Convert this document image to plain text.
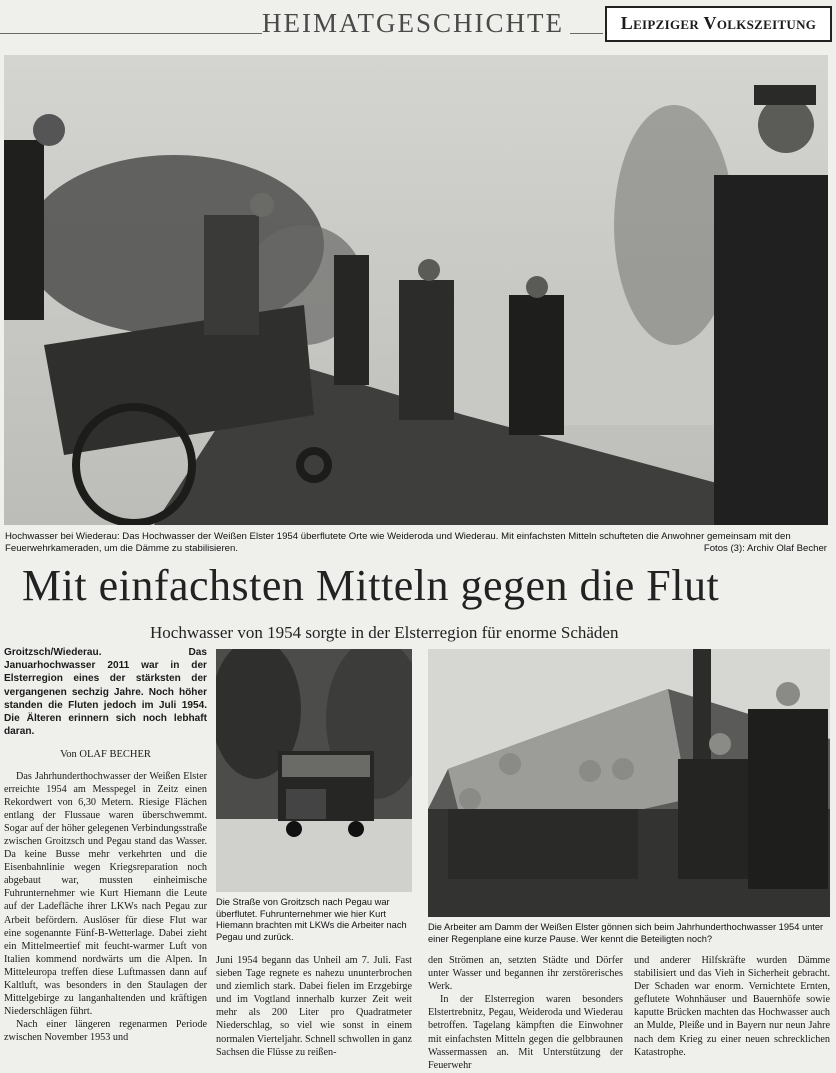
HEIMATGESCHICHTE	Leipziger Volkszeitung
Hochwasser bei Wiederau: Das Hochwasser der Weißen Elster 1954 überflutete Orte wie Weideroda und Wiederau. Mit einfachsten Mitteln schufteten die Anwohner gemeinsam mit den Feuerwehrkameraden, um die Dämme zu stabilisieren.	Fotos (3): Archiv Olaf Becher
Mit einfachsten Mitteln gegen die Flut
Hochwasser von 1954 sorgte in der Elsterregion für enorme Schäden
Groitzsch/Wiederau. Das Januarhochwasser 2011 war in der Elsterregion eines der stärksten der vergangenen sechzig Jahre. Noch höher standen die Fluten jedoch im Juli 1954. Die Älteren erinnern sich noch lebhaft daran.
Von OLAF BECHER

Das Jahrhunderthochwasser der Weißen Elster erreichte 1954 am Messpegel in Zeitz einen Rekordwert von 6,30 Metern. Riesige Flächen entlang der Flussaue waren überschwemmt. Sogar auf der höher gelegenen Verbindungsstraße zwischen Groitzsch und Pegau stand das Wasser. Da keine Busse mehr verkehrten und die Eisenbahnlinie wegen Kriegsreparation noch abgebaut war, mussten einheimische Fuhrunternehmer wie Kurt Hiemann die Leute auf der Ladefläche ihrer LKWs nach Pegau zur Arbeit befördern. Auslöser für diese Flut war eine sogenannte Fünf-B-Wetterlage. Dabei zieht ein Mittelmeertief mit feucht-warmer Luft von Italien kommend nordwärts um die Alpen. In Mitteleuropa treffen diese Luftmassen dann auf Kaltluft, was besonders in den Staulagen der Mittelgebirge zu langanhaltenden und kräftigen Niederschlägen führt.

Nach einer längeren regenarmen Periode zwischen November 1953 und

Die Straße von Groitzsch nach Pegau war überflutet. Fuhrunternehmer wie hier Kurt Hiemann brachten mit LKWs die Arbeiter nach Pegau und zurück.
Die Arbeiter am Damm der Weißen Elster gönnen sich beim Jahrhunderthochwasser 1954 unter einer Regenplane eine kurze Pause. Wer kennt die Beteiligten noch?
Juni 1954 begann das Unheil am 7. Juli. Fast sieben Tage regnete es nahezu ununterbrochen und ziemlich stark. Dabei fielen im Erzgebirge und im Vogtland innerhalb kurzer Zeit weit mehr als 200 Liter pro Quadratmeter Niederschlag, so viel wie sonst in einem normalen Vierteljahr. Schnell schwollen in ganz Sachsen die Flüsse zu reißen-
den Strömen an, setzten Städte und Dörfer unter Wasser und begannen ihr zerstörerisches Werk.

In der Elsterregion waren besonders Elstertrebnitz, Pegau, Weideroda und Wiederau betroffen. Tagelang kämpften die Einwohner mit einfachsten Mitteln gegen die gelbbraunen Wassermassen an. Mit Unterstützung der Feuerwehr

und anderer Hilfskräfte wurden Dämme stabilisiert und das Vieh in Sicherheit gebracht. Der Schaden war enorm. Vernichtete Ernten, geflutete Wohnhäuser und Bauernhöfe sowie kaputte Brücken machten das Hochwasser auch an Mulde, Pleiße und in Bayern nur neun Jahre nach dem Krieg zu einer neuen schrecklichen Katastrophe.
